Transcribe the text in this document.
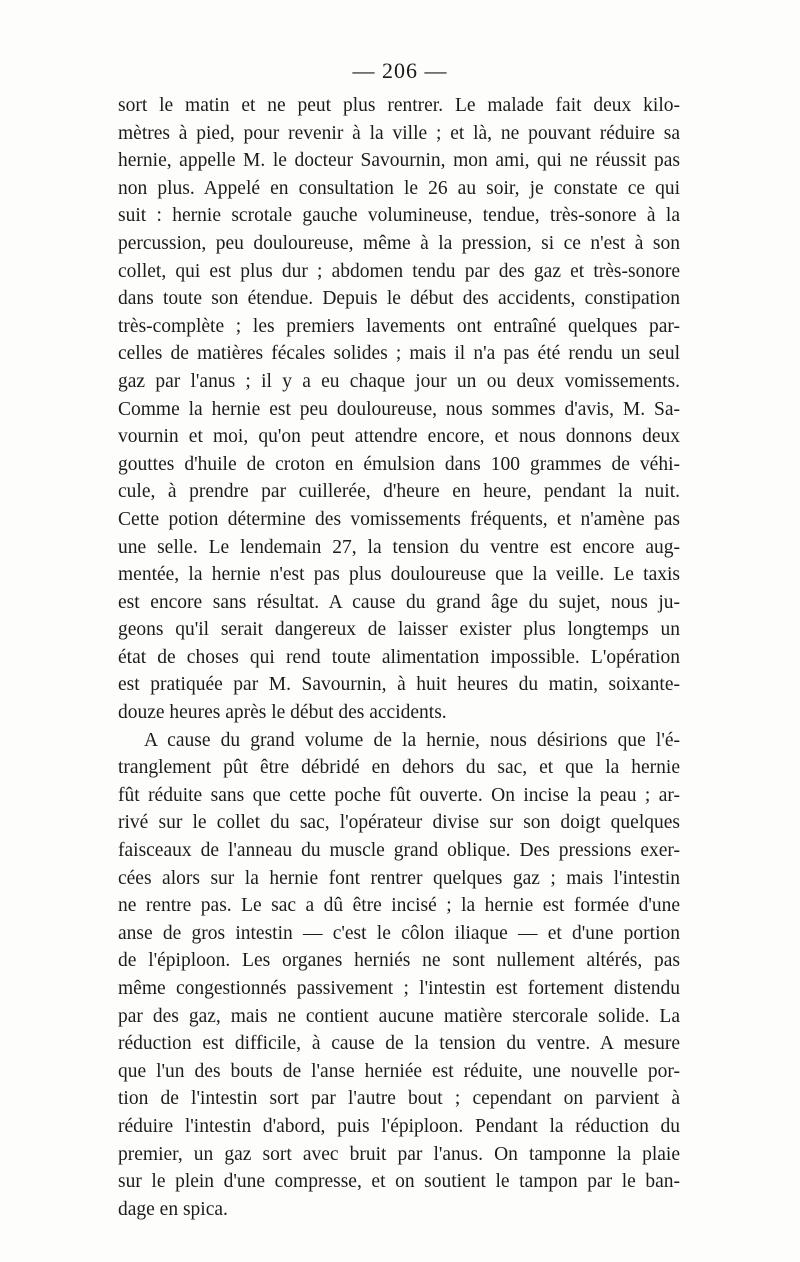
— 206 —
sort le matin et ne peut plus rentrer. Le malade fait deux kilo-
mètres à pied, pour revenir à la ville ; et là, ne pouvant réduire sa
hernie, appelle M. le docteur Savournin, mon ami, qui ne réussit pas
non plus. Appelé en consultation le 26 au soir, je constate ce qui
suit : hernie scrotale gauche volumineuse, tendue, très-sonore à la
percussion, peu douloureuse, même à la pression, si ce n'est à son
collet, qui est plus dur ; abdomen tendu par des gaz et très-sonore
dans toute son étendue. Depuis le début des accidents, constipation
très-complète ; les premiers lavements ont entraîné quelques par-
celles de matières fécales solides ; mais il n'a pas été rendu un seul
gaz par l'anus ; il y a eu chaque jour un ou deux vomissements.
Comme la hernie est peu douloureuse, nous sommes d'avis, M. Sa-
vournin et moi, qu'on peut attendre encore, et nous donnons deux
gouttes d'huile de croton en émulsion dans 100 grammes de véhi-
cule, à prendre par cuillerée, d'heure en heure, pendant la nuit.
Cette potion détermine des vomissements fréquents, et n'amène pas
une selle. Le lendemain 27, la tension du ventre est encore aug-
mentée, la hernie n'est pas plus douloureuse que la veille. Le taxis
est encore sans résultat. A cause du grand âge du sujet, nous ju-
geons qu'il serait dangereux de laisser exister plus longtemps un
état de choses qui rend toute alimentation impossible. L'opération
est pratiquée par M. Savournin, à huit heures du matin, soixante-
douze heures après le début des accidents.
A cause du grand volume de la hernie, nous désirions que l'é-
tranglement pût être débridé en dehors du sac, et que la hernie
fût réduite sans que cette poche fût ouverte. On incise la peau ; ar-
rivé sur le collet du sac, l'opérateur divise sur son doigt quelques
faisceaux de l'anneau du muscle grand oblique. Des pressions exer-
cées alors sur la hernie font rentrer quelques gaz ; mais l'intestin
ne rentre pas. Le sac a dû être incisé ; la hernie est formée d'une
anse de gros intestin — c'est le côlon iliaque — et d'une portion
de l'épiploon. Les organes herniés ne sont nullement altérés, pas
même congestionnés passivement ; l'intestin est fortement distendu
par des gaz, mais ne contient aucune matière stercorale solide. La
réduction est difficile, à cause de la tension du ventre. A mesure
que l'un des bouts de l'anse herniée est réduite, une nouvelle por-
tion de l'intestin sort par l'autre bout ; cependant on parvient à
réduire l'intestin d'abord, puis l'épiploon. Pendant la réduction du
premier, un gaz sort avec bruit par l'anus. On tamponne la plaie
sur le plein d'une compresse, et on soutient le tampon par le ban-
dage en spica.
